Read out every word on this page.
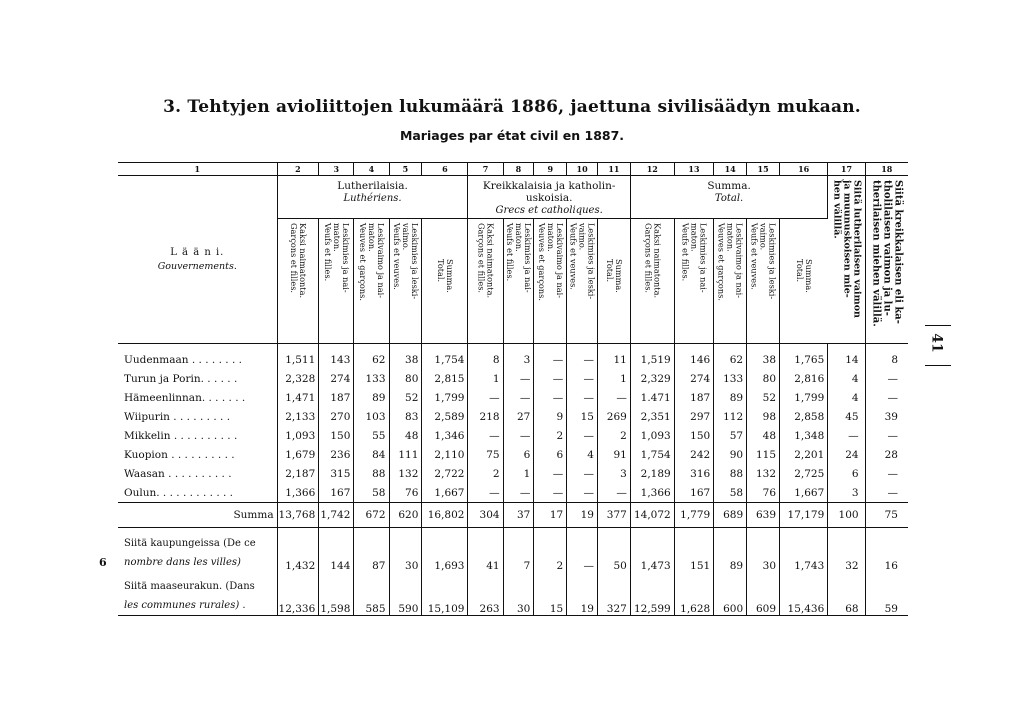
3. Tehtyjen avioliittojen lukumäärä 1886, jaettuna sivilisäädyn mukaan.
Mariages par état civil en 1887.
1	2	3	4	5	6	7	8	9	10	11	12	13	14	15	16	17	18

L ä ä n i.
Gouvernements.	Lutherilaisia.
Luthériens.					Kreikkalaisia ja katholin-
uskoisia.
Grecs et catholiques.					Summa.
Total.					Siitä lutherilaisen vaimon
ja muunuskoisen mie-
hen välillä.	Siitä kreikkalaisen eli ka-
tholilaisen vaimon ja lu-
therilaisen miehen välillä.

	Kaksi naimatonta.
Garçons et filles.	Leskimies ja nai-
maton.
Veufs et filles.	Leskivaimo ja nai-
maton.
Veuves et garçons.	Leskimies ja leski-
vaimo.
Veufs et veuves.	Summa.
Total.	Kaksi naimatonta.
Garçons et filles.	Leskimies ja nai-
maton.
Veufs et filles.	Leskivaimo ja nai-
maton.
Veuves et garçons.	Leskimies ja leski-
vaimo.
Veufs et veuves.	Summa.
Total.	Kaksi naimatonta.
Garçons et filles.	Leskimies ja nai-
maton.
Veufs et filles.	Leskivaimo ja nai-
maton.
Veuves et garçons.	Leskimies ja leski-
vaimo.
Veufs et veuves.	Summa.
Total.		

Uudenmaan . . . . . . . .	1,511	143	62	38	1,754	8	3	—	—	11	1,519	146	62	38	1,765	14	8
Turun ja Porin. . . . . .	2,328	274	133	80	2,815	1	—	—	—	1	2,329	274	133	80	2,816	4	—
Hämeenlinnan. . . . . . .	1,471	187	89	52	1,799	—	—	—	—	—	1.471	187	89	52	1,799	4	—
Wiipurin . . . . . . . . .	2,133	270	103	83	2,589	218	27	9	15	269	2,351	297	112	98	2,858	45	39
Mikkelin . . . . . . . . . .	1,093	150	55	48	1,346	—	—	2	—	2	1,093	150	57	48	1,348	—	—
Kuopion . . . . . . . . . .	1,679	236	84	111	2,110	75	6	6	4	91	1,754	242	90	115	2,201	24	28
Waasan . . . . . . . . . .	2,187	315	88	132	2,722	2	1	—	—	3	2,189	316	88	132	2,725	6	—
Oulun. . . . . . . . . . . .	1,366	167	58	76	1,667	—	—	—	—	—	1,366	167	58	76	1,667	3	—
Summa	13,768	1,742	672	620	16,802	304	37	17	19	377	14,072	1,779	689	639	17,179	100	75

Siitä kaupungeissa (De ce
nombre dans les villes)	1,432	144	87	30	1,693	41	7	2	—	50	1,473	151	89	30	1,743	32	16

Siitä maaseurakun. (Dans
les communes rurales) .	12,336	1,598	585	590	15,109	263	30	15	19	327	12,599	1,628	600	609	15,436	68	59
41
6
